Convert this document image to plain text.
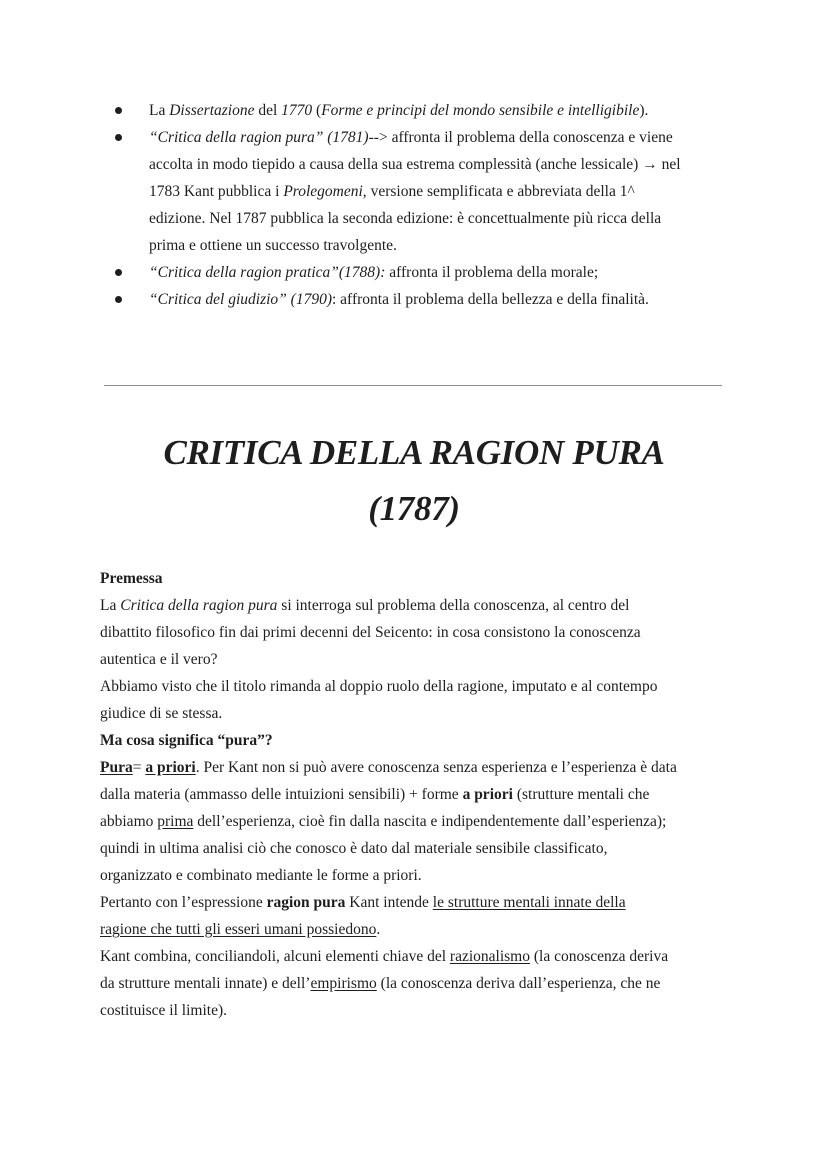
La Dissertazione del 1770 (Forme e principi del mondo sensibile e intelligibile).
“Critica della ragion pura” (1781)--> affronta il problema della conoscenza e viene
accolta in modo tiepido a causa della sua estrema complessità (anche lessicale) → nel
1783 Kant pubblica i Prolegomeni, versione semplificata e abbreviata della 1^
edizione. Nel 1787 pubblica la seconda edizione: è concettualmente più ricca della
prima e ottiene un successo travolgente.
“Critica della ragion pratica”(1788): affronta il problema della morale;
“Critica del giudizio” (1790): affronta il problema della bellezza e della finalità.
CRITICA DELLA RAGION PURA
(1787)

Premessa

La Critica della ragion pura si interroga sul problema della conoscenza, al centro del
dibattito filosofico fin dai primi decenni del Seicento: in cosa consistono la conoscenza
autentica e il vero?
Abbiamo visto che il titolo rimanda al doppio ruolo della ragione, imputato e al contempo
giudice di se stessa.

Ma cosa significa “pura”?

Pura= a priori. Per Kant non si può avere conoscenza senza esperienza e l’esperienza è data
dalla materia (ammasso delle intuizioni sensibili) + forme a priori (strutture mentali che
abbiamo prima dell’esperienza, cioè fin dalla nascita e indipendentemente dall’esperienza);
quindi in ultima analisi ciò che conosco è dato dal materiale sensibile classificato,
organizzato e combinato mediante le forme a priori.
Pertanto con l’espressione ragion pura Kant intende le strutture mentali innate della
ragione che tutti gli esseri umani possiedono.
Kant combina, conciliandoli, alcuni elementi chiave del razionalismo (la conoscenza deriva
da strutture mentali innate) e dell’empirismo (la conoscenza deriva dall’esperienza, che ne
costituisce il limite).
